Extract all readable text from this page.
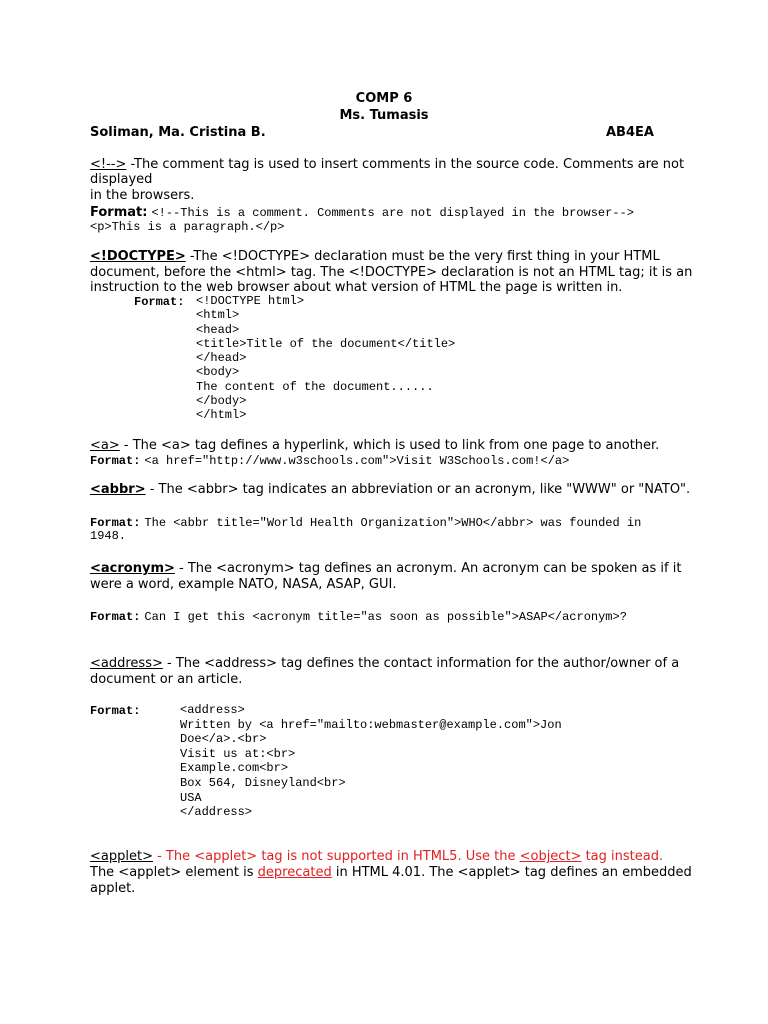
COMP 6
Ms. Tumasis
Soliman, Ma. Cristina B.	AB4EA
<!--> -The comment tag is used to insert comments in the source code. Comments are not
displayed
in the browsers.
Format: <!--This is a comment. Comments are not displayed in the browser-->
<p>This is a paragraph.</p>
<!DOCTYPE> -The <!DOCTYPE> declaration must be the very first thing in your HTML
document, before the <html> tag. The <!DOCTYPE> declaration is not an HTML tag; it is an
instruction to the web browser about what version of HTML the page is written in.
Format: <!DOCTYPE html>
<html>
<head>
<title>Title of the document</title>
</head>
<body>
The content of the document......
</body>
</html>
<a> - The <a> tag defines a hyperlink, which is used to link from one page to another.
Format: <a href="http://www.w3schools.com">Visit W3Schools.com!</a>
<abbr> - The <abbr> tag indicates an abbreviation or an acronym, like "WWW" or "NATO".
Format: The <abbr title="World Health Organization">WHO</abbr> was founded in
1948.
<acronym> - The <acronym> tag defines an acronym. An acronym can be spoken as if it
were a word, example NATO, NASA, ASAP, GUI.
Format: Can I get this <acronym title="as soon as possible">ASAP</acronym>?
<address> - The <address> tag defines the contact information for the author/owner of a
document or an article.
Format:	<address>
Written by <a href="mailto:webmaster@example.com">Jon
Doe</a>.<br>
Visit us at:<br>
Example.com<br>
Box 564, Disneyland<br>
USA
</address>
<applet> - The <applet> tag is not supported in HTML5. Use the <object> tag instead.
The <applet> element is deprecated in HTML 4.01. The <applet> tag defines an embedded
applet.
